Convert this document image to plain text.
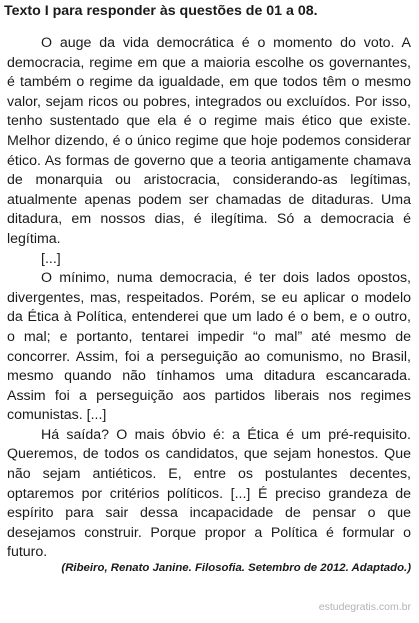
Texto I para responder às questões de 01 a 08.

O auge da vida democrática é o momento do voto. A democracia, regime em que a maioria escolhe os governantes, é também o regime da igualdade, em que todos têm o mesmo valor, sejam ricos ou pobres, integrados ou excluídos. Por isso, tenho sustentado que ela é o regime mais ético que existe. Melhor dizendo, é o único regime que hoje podemos considerar ético. As formas de governo que a teoria antigamente chamava de monarquia ou aristocracia, considerando-as legítimas, atualmente apenas podem ser chamadas de ditaduras. Uma ditadura, em nossos dias, é ilegítima. Só a democracia é legítima.

[...]

O mínimo, numa democracia, é ter dois lados opostos, divergentes, mas, respeitados. Porém, se eu aplicar o modelo da Ética à Política, entenderei que um lado é o bem, e o outro, o mal; e portanto, tentarei impedir “o mal” até mesmo de concorrer. Assim, foi a perseguição ao comunismo, no Brasil, mesmo quando não tínhamos uma ditadura escancarada. Assim foi a perseguição aos partidos liberais nos regimes comunistas. [...]

Há saída? O mais óbvio é: a Ética é um pré-requisito. Queremos, de todos os candidatos, que sejam honestos. Que não sejam antiéticos. E, entre os postulantes decentes, optaremos por critérios políticos. [...] É preciso grandeza de espírito para sair dessa incapacidade de pensar o que desejamos construir. Porque propor a Política é formular o futuro.

(Ribeiro, Renato Janine. Filosofia. Setembro de 2012. Adaptado.)
estudegratis.com.br
